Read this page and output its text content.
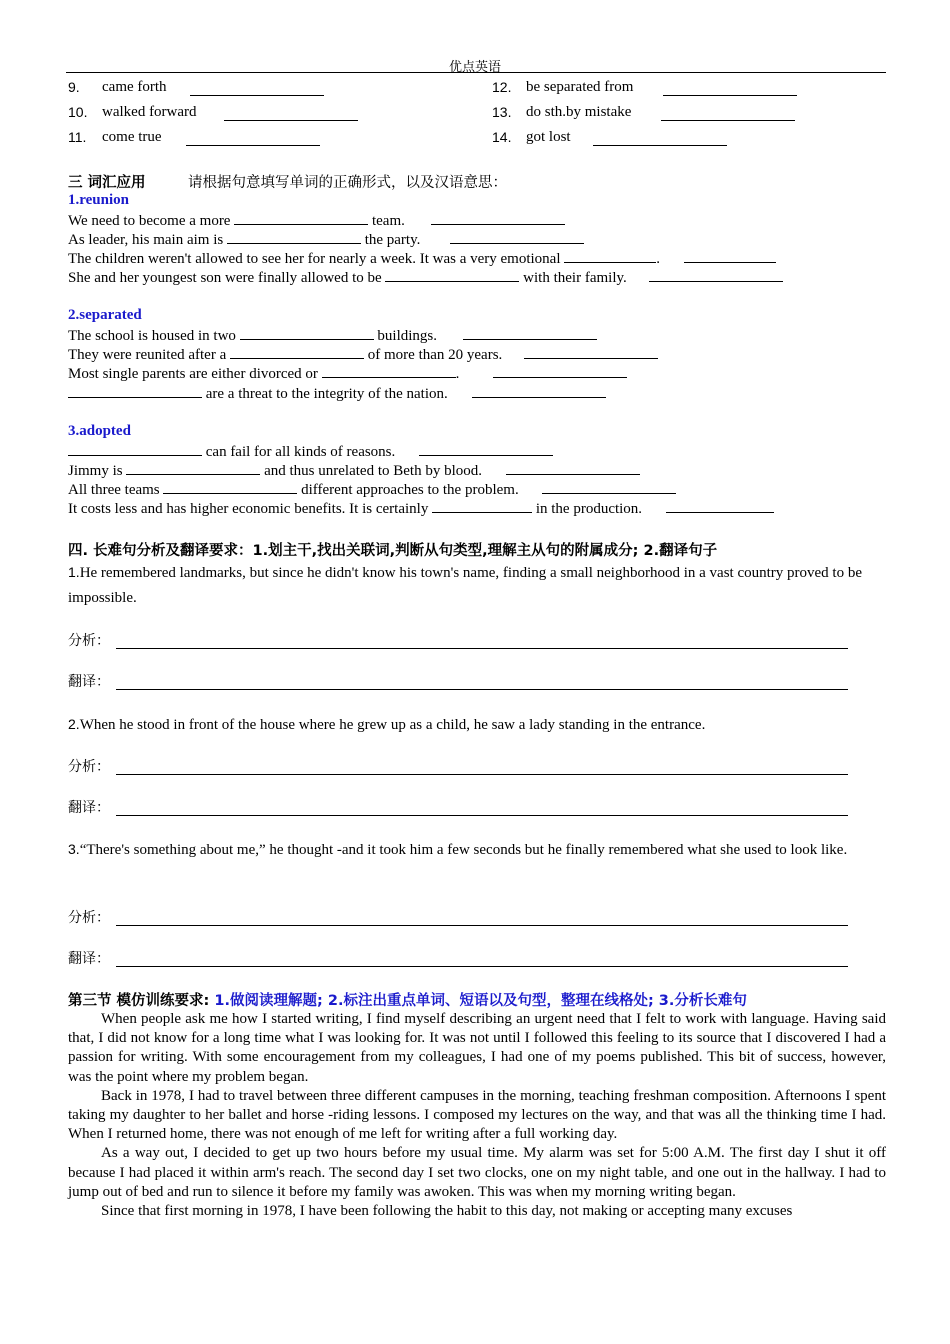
优点英语
9. came forth
10. walked forward
11. come true
12. be separated from
13. do sth.by mistake
14. got lost
三 词汇应用	请根据句意填写单词的正确形式，以及汉语意思：
1.reunion
We need to become a more	team.
As leader, his main aim is	the party.
The children weren't allowed to see her for nearly a week. It was a very emotional	.
She and her youngest son were finally allowed to be	with their family.
2.separated
The school is housed in two	buildings.
They were reunited after a	of more than 20 years.
Most single parents are either divorced or	.
are a threat to the integrity of the nation.
3.adopted
can fail for all kinds of reasons.
Jimmy is	and thus unrelated to Beth by blood.
All three teams	different approaches to the problem.
It costs less and has higher economic benefits. It is certainly	in the production.
四. 长难句分析及翻译要求：1.划主干,找出关联词,判断从句类型,理解主从句的附属成分; 2.翻译句子
1.He remembered landmarks, but since he didn't know his town's name, finding a small neighborhood in a vast country proved to be impossible.
分析：
翻译：
2.When he stood in front of the house where he grew up as a child, he saw a lady standing in the entrance.
分析：
翻译：
3.“There's something about me,” he thought -and it took him a few seconds but he finally remembered what she used to look like.
分析：
翻译：
第三节 模仿训练要求: 1.做阅读理解题; 2.标注出重点单词、短语以及句型，整理在线格处; 3.分析长难句

When people ask me how I started writing, I find myself describing an urgent need that I felt to work with language. Having said that, I did not know for a long time what I was looking for. It was not until I followed this feeling to its source that I discovered I had a passion for writing. With some encouragement from my colleagues, I had one of my poems published. This bit of success, however, was the point where my problem began.

Back in 1978, I had to travel between three different campuses in the morning, teaching freshman composition. Afternoons I spent taking my daughter to her ballet and horse -riding lessons. I composed my lectures on the way, and that was all the thinking time I had. When I returned home, there was not enough of me left for writing after a full working day.

As a way out, I decided to get up two hours before my usual time. My alarm was set for 5:00 A.M. The first day I shut it off because I had placed it within arm's reach. The second day I set two clocks, one on my night table, and one out in the hallway. I had to jump out of bed and run to silence it before my family was awoken. This was when my morning writing began.

Since that first morning in 1978, I have been following the habit to this day, not making or accepting many excuses
